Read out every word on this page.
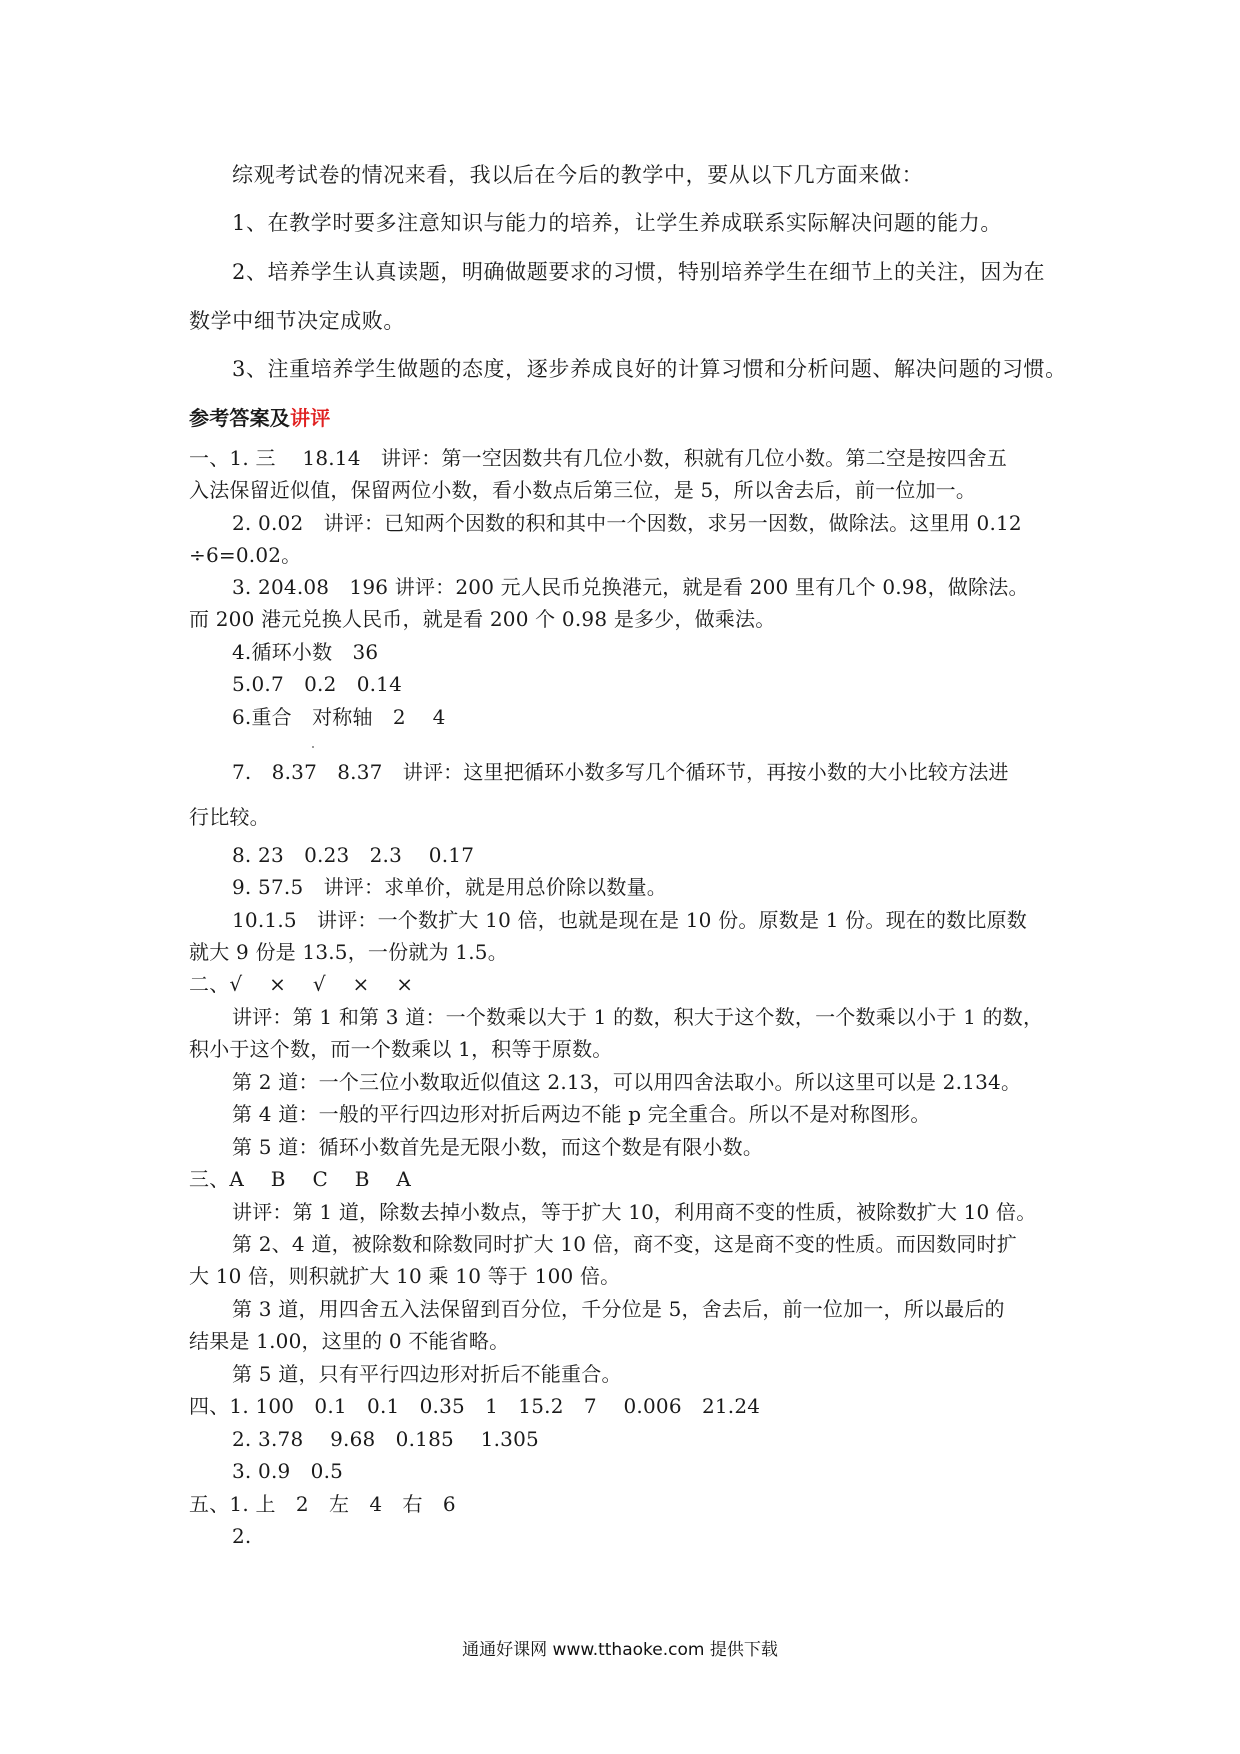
综观考试卷的情况来看，我以后在今后的教学中，要从以下几方面来做：
1、在教学时要多注意知识与能力的培养，让学生养成联系实际解决问题的能力。
2、培养学生认真读题，明确做题要求的习惯，特别培养学生在细节上的关注，因为在
数学中细节决定成败。
3、注重培养学生做题的态度，逐步养成良好的计算习惯和分析问题、解决问题的习惯。
参考答案及讲评
一、1. 三　 18.14　讲评：第一空因数共有几位小数，积就有几位小数。第二空是按四舍五
入法保留近似值，保留两位小数，看小数点后第三位，是 5，所以舍去后，前一位加一。
2. 0.02　讲评：已知两个因数的积和其中一个因数，求另一因数，做除法。这里用 0.12
÷6=0.02。
3. 204.08　196 讲评：200 元人民币兑换港元，就是看 200 里有几个 0.98，做除法。
而 200 港元兑换人民币，就是看 200 个 0.98 是多少，做乘法。
4.循环小数　36
5.0.7　0.2　0.14
6.重合　对称轴　2　 4
7.　8.37　8.37　讲评：这里把循环小数多写几个循环节，再按小数的大小比较方法进
行比较。
8. 23　0.23　2.3　 0.17
9. 57.5　讲评：求单价，就是用总价除以数量。
10.1.5　讲评：一个数扩大 10 倍，也就是现在是 10 份。原数是 1 份。现在的数比原数
就大 9 份是 13.5，一份就为 1.5。
二、√　 ×　 √　 ×　 ×
讲评：第 1 和第 3 道：一个数乘以大于 1 的数，积大于这个数，一个数乘以小于 1 的数，
积小于这个数，而一个数乘以 1，积等于原数。
第 2 道：一个三位小数取近似值这 2.13，可以用四舍法取小。所以这里可以是 2.134。
第 4 道：一般的平行四边形对折后两边不能 p 完全重合。所以不是对称图形。
第 5 道：循环小数首先是无限小数，而这个数是有限小数。
三、A　 B　 C　 B　 A
讲评：第 1 道，除数去掉小数点，等于扩大 10，利用商不变的性质，被除数扩大 10 倍。
第 2、4 道，被除数和除数同时扩大 10 倍，商不变，这是商不变的性质。而因数同时扩
大 10 倍，则积就扩大 10 乘 10 等于 100 倍。
第 3 道，用四舍五入法保留到百分位，千分位是 5，舍去后，前一位加一，所以最后的
结果是 1.00，这里的 0 不能省略。
第 5 道，只有平行四边形对折后不能重合。
四、1. 100　0.1　0.1　0.35　1　15.2　7　 0.006　21.24
2. 3.78　 9.68　0.185　 1.305
3. 0.9　0.5
五、1. 上　2　左　4　右　6
2.
通通好课网 www.tthaoke.com 提供下载
